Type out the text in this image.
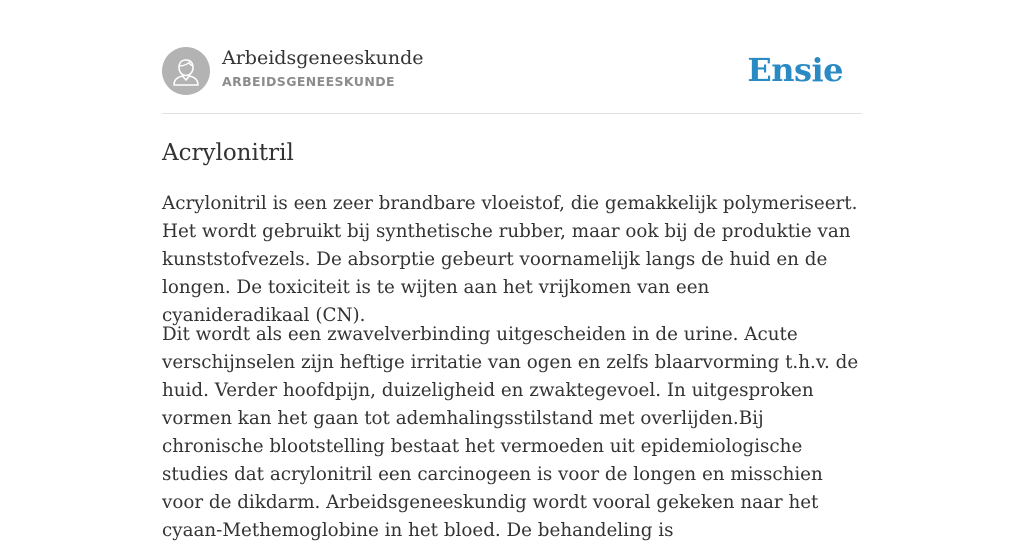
Arbeidsgeneeskunde
ARBEIDSGENEESKUNDE	Ensie
Acrylonitril

Acrylonitril is een zeer brandbare vloeistof, die gemakkelijk polymeriseert. Het wordt gebruikt bij synthetische rubber, maar ook bij de produktie van kunststofvezels. De absorptie gebeurt voornamelijk langs de huid en de longen. De toxiciteit is te wijten aan het vrijkomen van een cyanideradikaal (CN).

Dit wordt als een zwavelverbinding uitgescheiden in de urine. Acute verschijnselen zijn heftige irritatie van ogen en zelfs blaarvorming t.h.v. de huid. Verder hoofdpijn, duizeligheid en zwaktegevoel. In uitgesproken vormen kan het gaan tot ademhalingsstilstand met overlijden.Bij chronische blootstelling bestaat het vermoeden uit epidemiologische studies dat acrylonitril een carcinogeen is voor de longen en misschien voor de dikdarm. Arbeidsgeneeskundig wordt vooral gekeken naar het cyaan-Methemoglobine in het bloed. De behandeling is
